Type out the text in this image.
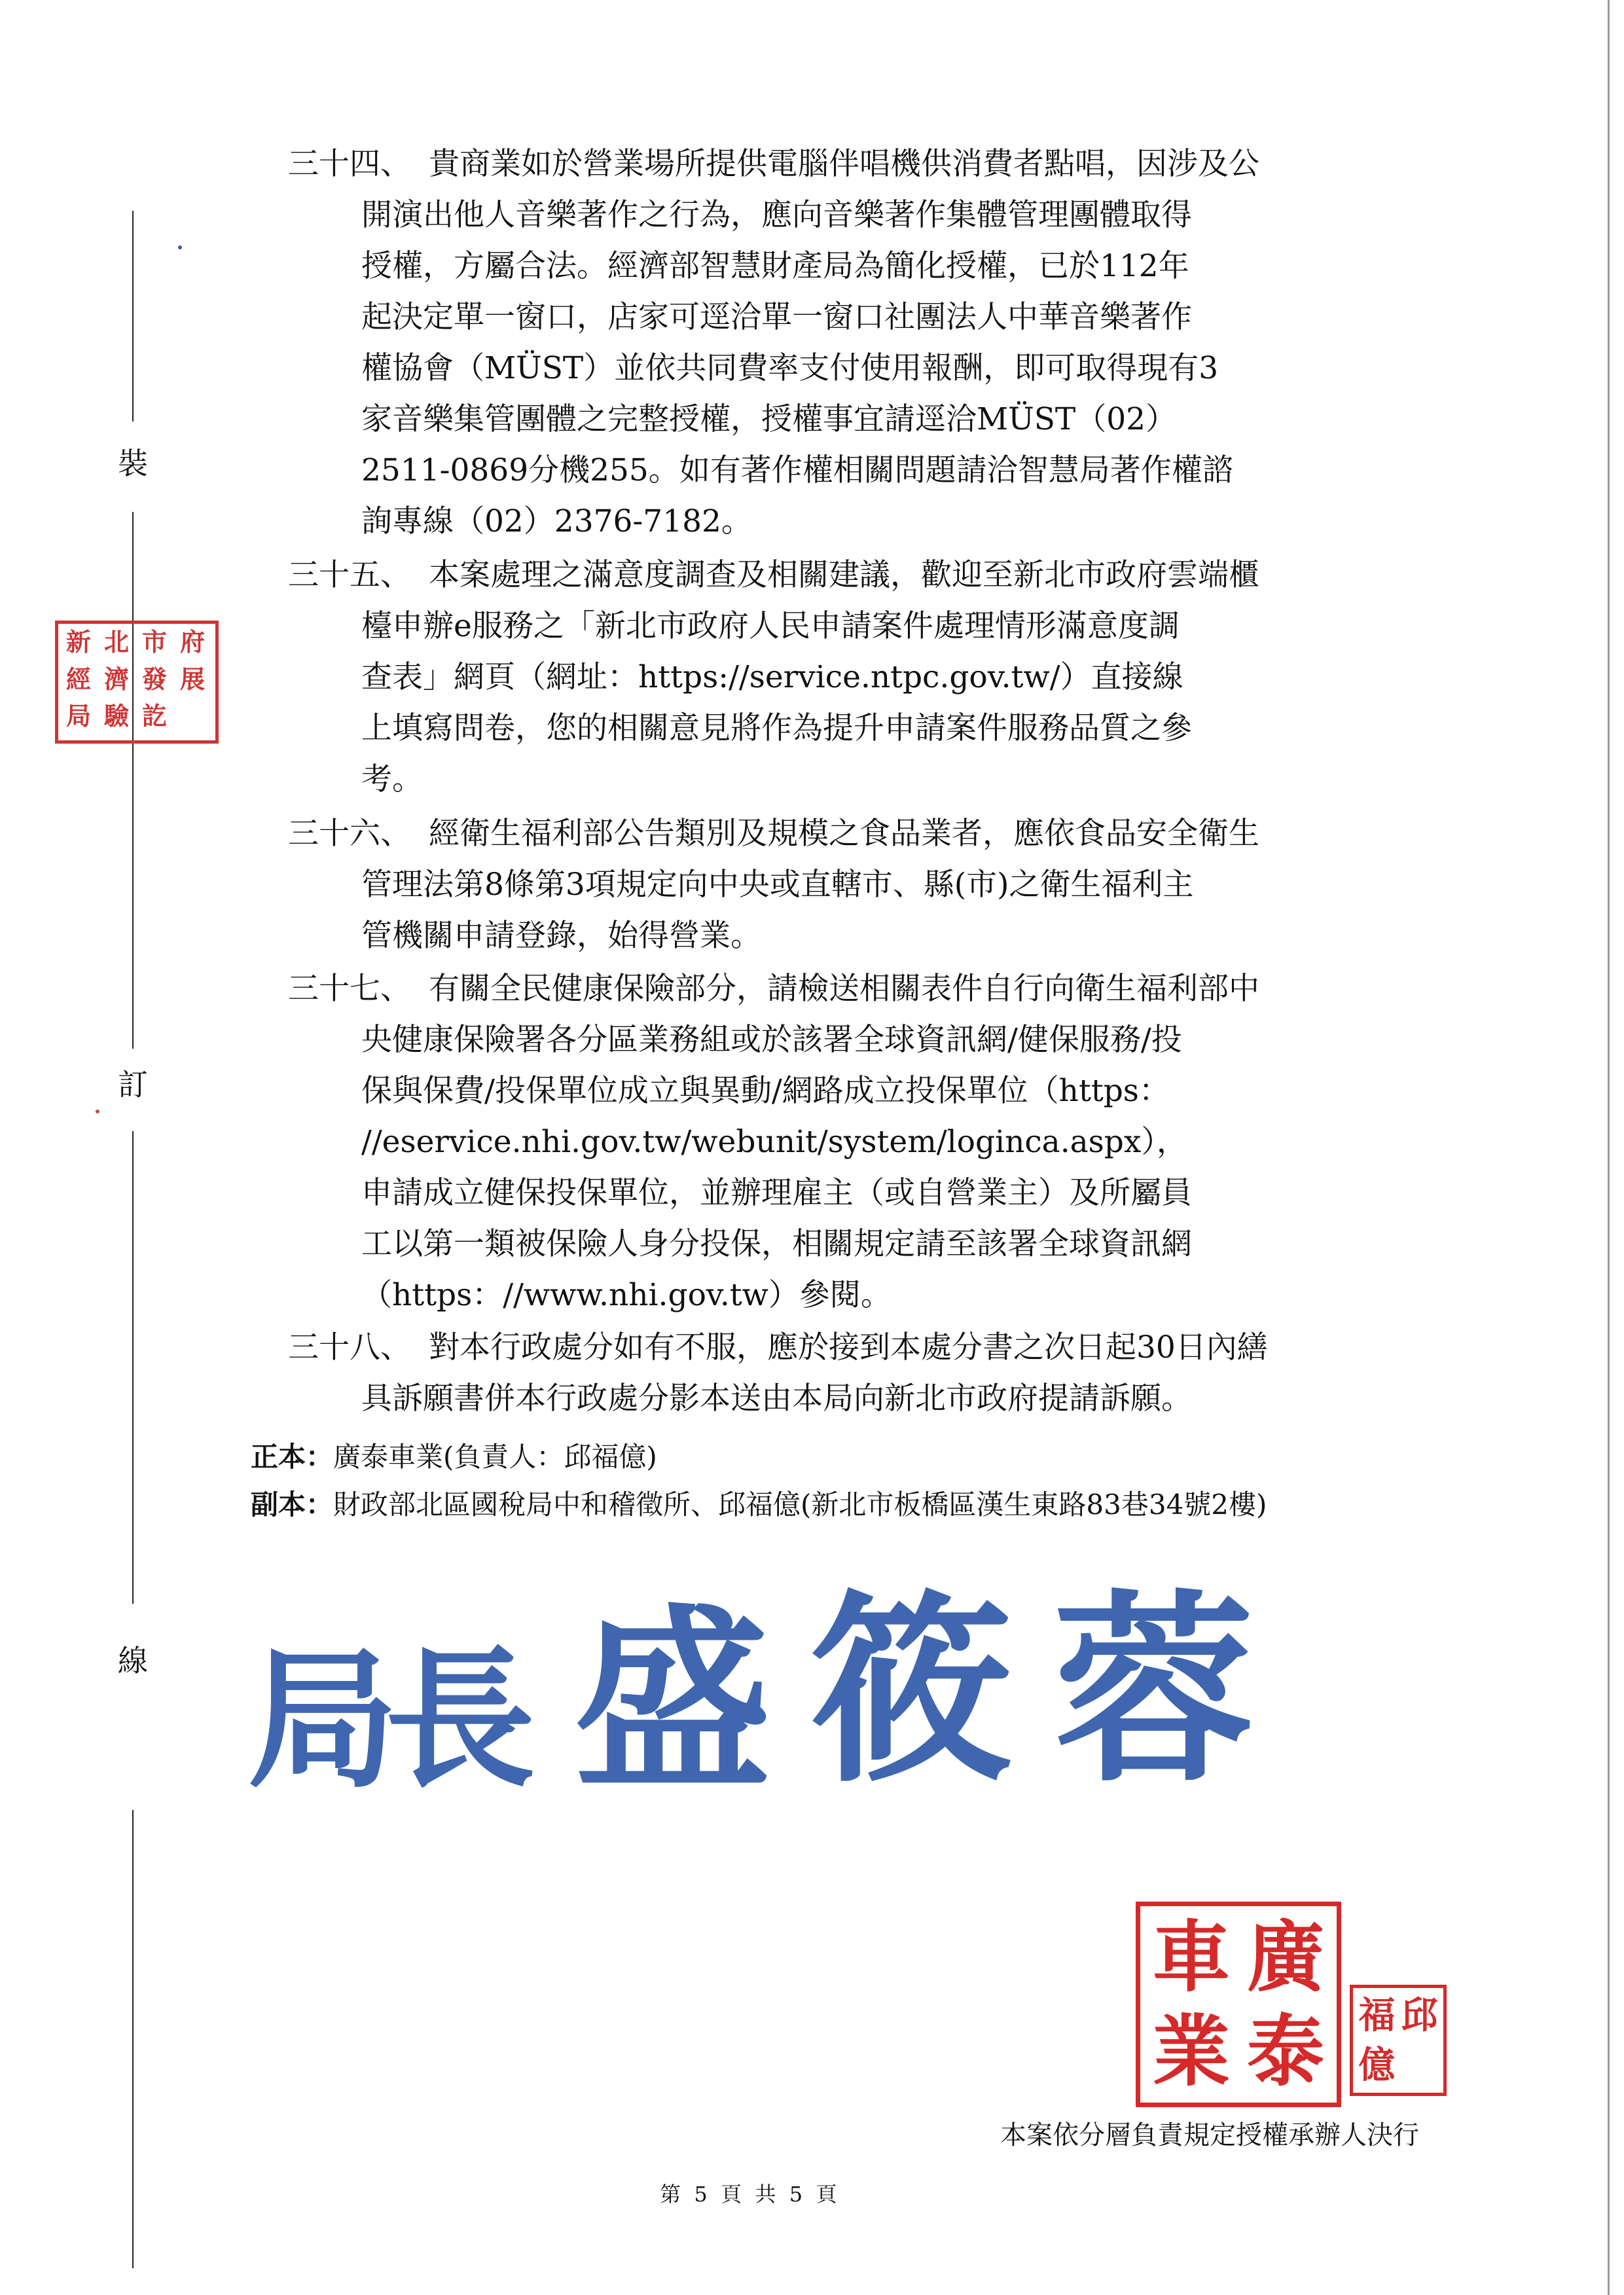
裝
訂
線
新 北 市 府
經 濟 發 展
局 驗 訖
三十四、 貴商業如於營業場所提供電腦伴唱機供消費者點唱，因涉及公
開演出他人音樂著作之行為，應向音樂著作集體管理團體取得
授權，方屬合法。經濟部智慧財產局為簡化授權，已於112年
起決定單一窗口，店家可逕洽單一窗口社團法人中華音樂著作
權協會（MÜST）並依共同費率支付使用報酬，即可取得現有3
家音樂集管團體之完整授權，授權事宜請逕洽MÜST（02）
2511-0869分機255。如有著作權相關問題請洽智慧局著作權諮
詢專線（02）2376-7182。
三十五、 本案處理之滿意度調查及相關建議，歡迎至新北市政府雲端櫃
檯申辦e服務之「新北市政府人民申請案件處理情形滿意度調
查表」網頁（網址：https://service.ntpc.gov.tw/）直接線
上填寫問卷，您的相關意見將作為提升申請案件服務品質之參
考。
三十六、 經衛生福利部公告類別及規模之食品業者，應依食品安全衛生
管理法第8條第3項規定向中央或直轄市、縣(市)之衛生福利主
管機關申請登錄，始得營業。
三十七、 有關全民健康保險部分，請檢送相關表件自行向衛生福利部中
央健康保險署各分區業務組或於該署全球資訊網/健保服務/投
保與保費/投保單位成立與異動/網路成立投保單位（https：
//eservice.nhi.gov.tw/webunit/system/loginca.aspx），
申請成立健保投保單位，並辦理雇主（或自營業主）及所屬員
工以第一類被保險人身分投保，相關規定請至該署全球資訊網
（https：//www.nhi.gov.tw）參閱。
三十八、 對本行政處分如有不服，應於接到本處分書之次日起30日內繕
具訴願書併本行政處分影本送由本局向新北市政府提請訴願。
正本：廣泰車業(負責人：邱福億)
副本：財政部北區國稅局中和稽徵所、邱福億(新北市板橋區漢生東路83巷34號2樓)
局
長 盛 筱 蓉
車 廣
業 泰 福 邱
億
本案依分層負責規定授權承辦人決行
第  5  頁  共  5  頁
